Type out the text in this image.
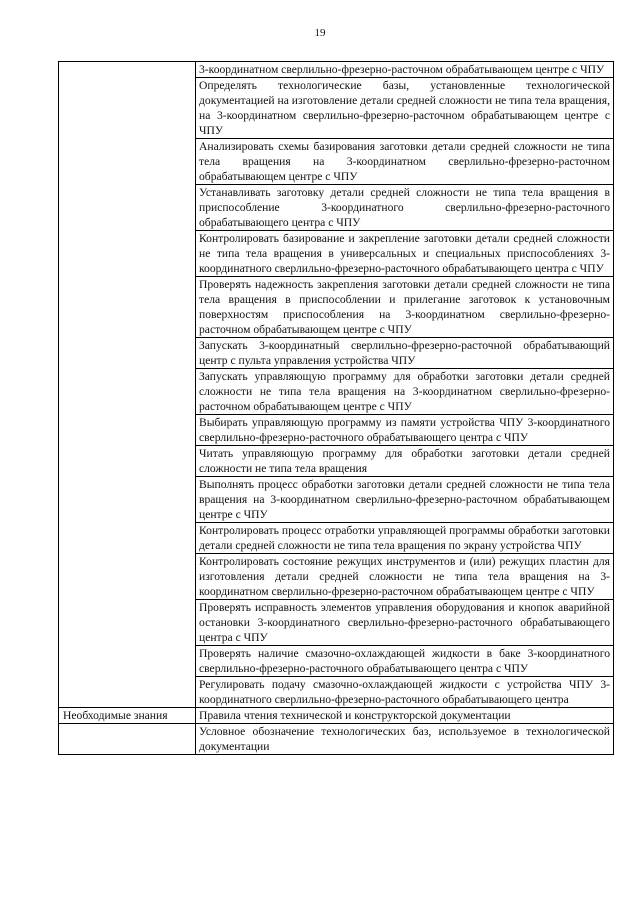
19
	3-координатном сверлильно-фрезерно-расточном обрабатывающем центре с ЧПУ
	Определять технологические базы, установленные технологической документацией на изготовление детали средней сложности не типа тела вращения, на 3-координатном сверлильно-фрезерно-расточном обрабатывающем центре с ЧПУ
	Анализировать схемы базирования заготовки детали средней сложности не типа тела вращения на 3-координатном сверлильно-фрезерно-расточном обрабатывающем центре с ЧПУ
	Устанавливать заготовку детали средней сложности не типа тела вращения в приспособление 3-координатного сверлильно-фрезерно-расточного обрабатывающего центра с ЧПУ
	Контролировать базирование и закрепление заготовки детали средней сложности не типа тела вращения в универсальных и специальных приспособлениях 3-координатного сверлильно-фрезерно-расточного обрабатывающего центра с ЧПУ
	Проверять надежность закрепления заготовки детали средней сложности не типа тела вращения в приспособлении и прилегание заготовок к установочным поверхностям приспособления на 3-координатном сверлильно-фрезерно-расточном обрабатывающем центре с ЧПУ
	Запускать 3-координатный сверлильно-фрезерно-расточной обрабатывающий центр с пульта управления устройства ЧПУ
	Запускать управляющую программу для обработки заготовки детали средней сложности не типа тела вращения на 3-координатном сверлильно-фрезерно-расточном обрабатывающем центре с ЧПУ
	Выбирать управляющую программу из памяти устройства ЧПУ 3-координатного сверлильно-фрезерно-расточного обрабатывающего центра с ЧПУ
	Читать управляющую программу для обработки заготовки детали средней сложности не типа тела вращения
	Выполнять процесс обработки заготовки детали средней сложности не типа тела вращения на 3-координатном сверлильно-фрезерно-расточном обрабатывающем центре с ЧПУ
	Контролировать процесс отработки управляющей программы обработки заготовки детали средней сложности не типа тела вращения по экрану устройства ЧПУ
	Контролировать состояние режущих инструментов и (или) режущих пластин для изготовления детали средней сложности не типа тела вращения на 3-координатном сверлильно-фрезерно-расточном обрабатывающем центре с ЧПУ
	Проверять исправность элементов управления оборудования и кнопок аварийной остановки 3-координатного сверлильно-фрезерно-расточного обрабатывающего центра с ЧПУ
	Проверять наличие смазочно-охлаждающей жидкости в баке 3-координатного сверлильно-фрезерно-расточного обрабатывающего центра с ЧПУ
	Регулировать подачу смазочно-охлаждающей жидкости с устройства ЧПУ 3-координатного сверлильно-фрезерно-расточного обрабатывающего центра
Необходимые знания	Правила чтения технической и конструкторской документации
	Условное обозначение технологических баз, используемое в технологической документации
